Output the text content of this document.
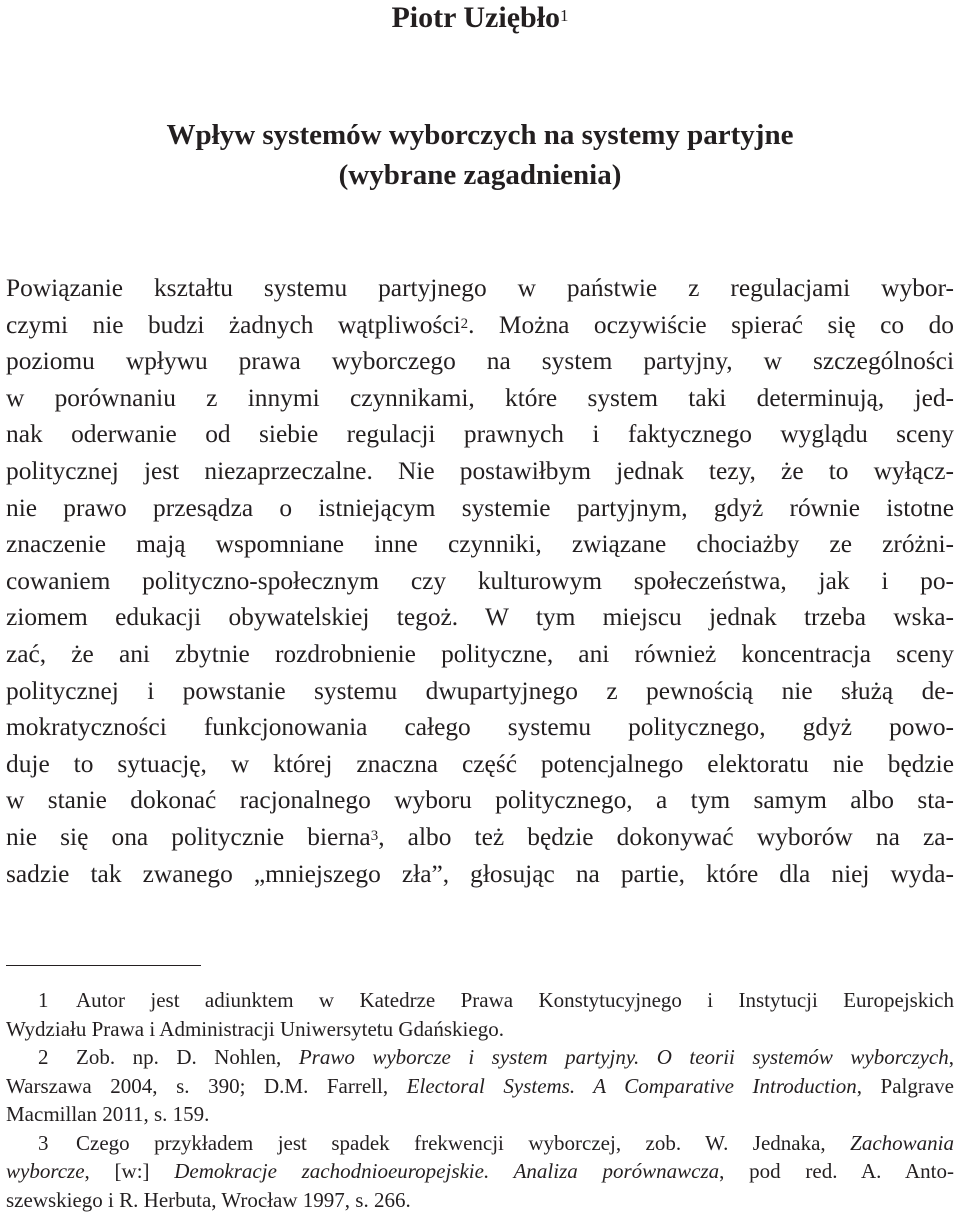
Piotr Uziębło$^1$
Wpływ systemów wyborczych na systemy partyjne
(wybrane zagadnienia)
Powiązanie kształtu systemu partyjnego w państwie z regulacjami wybor-
czymi nie budzi żadnych wątpliwości$^2$. Można oczywiście spierać się co do
poziomu wpływu prawa wyborczego na system partyjny, w szczególności
w porównaniu z innymi czynnikami, które system taki determinują, jed-
nak oderwanie od siebie regulacji prawnych i faktycznego wyglądu sceny
politycznej jest niezaprzeczalne. Nie postawiłbym jednak tezy, że to wyłącz-
nie prawo przesądza o istniejącym systemie partyjnym, gdyż równie istotne
znaczenie mają wspomniane inne czynniki, związane chociażby ze zróżni-
cowaniem polityczno-społecznym czy kulturowym społeczeństwa, jak i po-
ziomem edukacji obywatelskiej tegoż. W tym miejscu jednak trzeba wska-
zać, że ani zbytnie rozdrobnienie polityczne, ani również koncentracja sceny
politycznej i powstanie systemu dwupartyjnego z pewnością nie służą de-
mokratyczności funkcjonowania całego systemu politycznego, gdyż powo-
duje to sytuację, w której znaczna część potencjalnego elektoratu nie będzie
w stanie dokonać racjonalnego wyboru politycznego, a tym samym albo sta-
nie się ona politycznie bierna$^3$, albo też będzie dokonywać wyborów na za-
sadzie tak zwanego „mniejszego zła”, głosując na partie, które dla niej wyda-
1 Autor jest adiunktem w Katedrze Prawa Konstytucyjnego i Instytucji Europejskich
Wydziału Prawa i Administracji Uniwersytetu Gdańskiego.
2 Zob. np. D. Nohlen, Prawo wyborcze i system partyjny. O teorii systemów wyborczych,
Warszawa 2004, s. 390; D.M. Farrell, Electoral Systems. A Comparative Introduction, Palgrave
Macmillan 2011, s. 159.
3 Czego przykładem jest spadek frekwencji wyborczej, zob. W. Jednaka, Zachowania
wyborcze, [w:] Demokracje zachodnioeuropejskie. Analiza porównawcza, pod red. A. Anto-
szewskiego i R. Herbuta, Wrocław 1997, s. 266.
